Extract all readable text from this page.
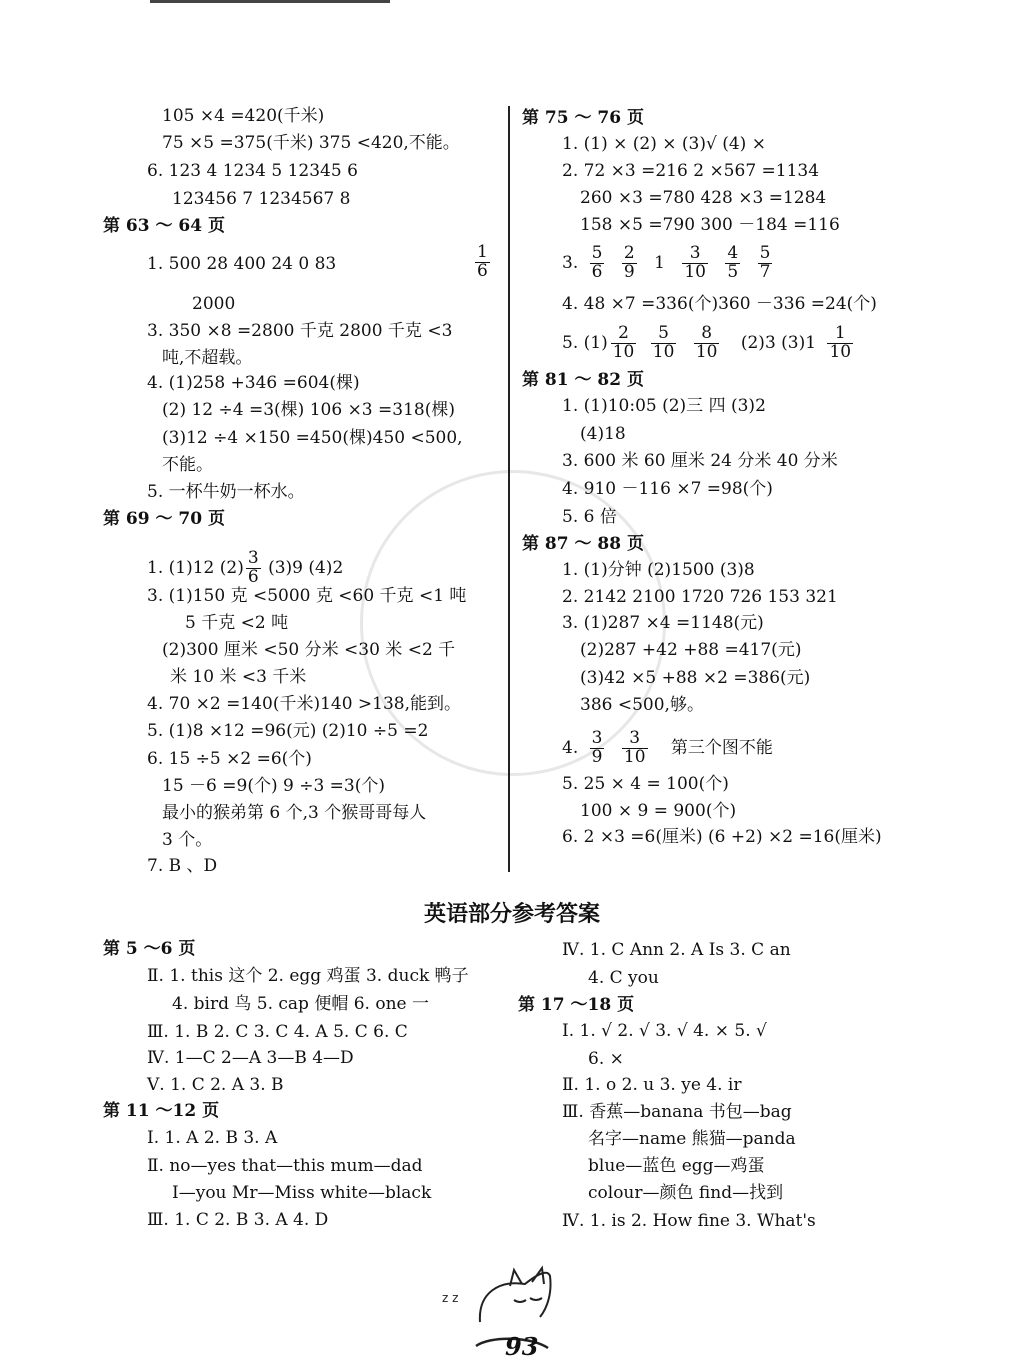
105 ×4 =420(千米)
75 ×5 =375(千米) 375 <420,不能。
6. 123 4 1234 5 12345 6
123456 7 1234567 8
第 63 ～ 64 页
1. 500 28 400 24 0 83	$\frac{1}{6}$
2000
3. 350 ×8 =2800 千克 2800 千克 <3
吨,不超载。
4. (1)258 +346 =604(棵)
(2) 12 ÷4 =3(棵) 106 ×3 =318(棵)
(3)12 ÷4 ×150 =450(棵)450 <500,
不能。
5. 一杯牛奶一杯水。
第 69 ～ 70 页
1. (1)12 $(2) \frac{3}{6} (3)9$ (4)2
3. (1)150 克 <5000 克 <60 千克 <1 吨
5 千克 <2 吨
(2)300 厘米 <50 分米 <30 米 <2 千
米 10 米 <3 千米
4. 70 ×2 =140(千米)140 >138,能到。
5. (1)8 ×12 =96(元) (2)10 ÷5 =2
6. 15 ÷5 ×2 =6(个)
15 －6 =9(个) 9 ÷3 =3(个)
最小的猴弟第 6 个,3 个猴哥哥每人
3 个。
7. B 、D
第 75 ～ 76 页
1. (1) × (2) × (3)√ (4) ×
2. 72 ×3 =216 2 ×567 =1134
260 ×3 =780 428 ×3 =1284
158 ×5 =790 300 －184 =116
3. $\frac{5}{6}$
$\frac{2}{9} 1 \frac{3}{10}$
$\frac{4}{5}$
$\frac{5}{7}$
4. 48 ×7 =336(个)360 －336 =24(个)
5. $(1) \frac{2}{10}$
$\frac{5}{10}$
$\frac{8}{10} (2)3$ $(3)1 \frac{1}{10}$
第 81 ～ 82 页
1. (1)10:05 (2)三 四 (3)2
(4)18
3. 600 米 60 厘米 24 分米 40 分米
4. 910 －116 ×7 =98(个)
5. 6 倍
第 87 ～ 88 页
1. (1)分钟 (2)1500 (3)8
2. 2142 2100 1720 726 153 321
3. (1)287 ×4 =1148(元)
(2)287 +42 +88 =417(元)
(3)42 ×5 +88 ×2 =386(元)
386 <500,够。
4. $\frac{3}{9}$
$\frac{3}{10}$ 第三个图不能
5. 25 × 4 = 100(个)
100 × 9 = 900(个)
6. 2 ×3 =6(厘米) (6 +2) ×2 =16(厘米)
英语部分参考答案
第 5 ～6 页
Ⅱ. 1. this 这个 2. egg 鸡蛋 3. duck 鸭子
4. bird 鸟 5. cap 便帽 6. one 一
Ⅲ. 1. B 2. C 3. C 4. A 5. C 6. C
Ⅳ. 1—C 2—A 3—B 4—D
Ⅴ. 1. C 2. A 3. B
第 11 ～12 页
Ⅰ. 1. A 2. B 3. A
Ⅱ. no—yes that—this mum—dad
I—you Mr—Miss white—black
Ⅲ. 1. C 2. B 3. A 4. D
Ⅳ. 1. C Ann 2. A Is 3. C an
4. C you
第 17 ～18 页
Ⅰ. 1. √ 2. √ 3. √ 4. × 5. √
6. ×
Ⅱ. 1. o 2. u 3. ye 4. ir
Ⅲ. 香蕉—banana 书包—bag
名字—name 熊猫—panda
blue—蓝色 egg—鸡蛋
colour—颜色 find—找到
Ⅳ. 1. is 2. How fine 3. What's
z z
93
